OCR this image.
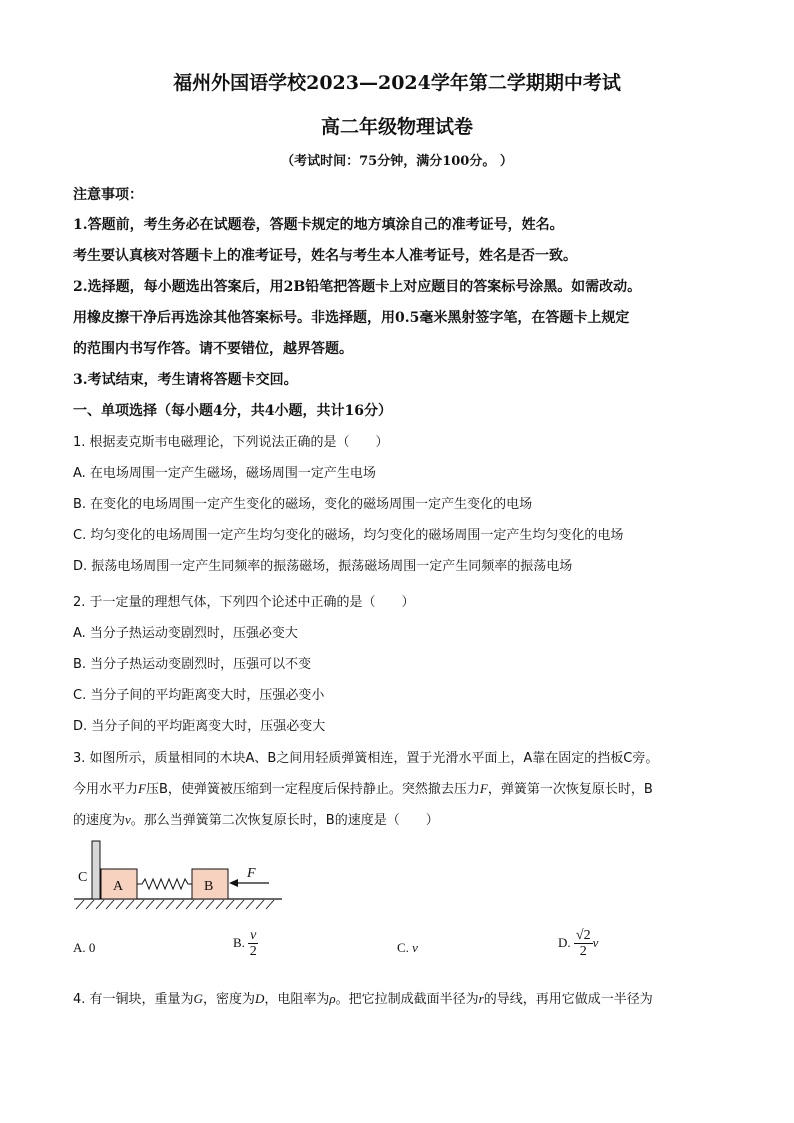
福州外国语学校2023—2024学年第二学期期中考试
高二年级物理试卷
（考试时间：75分钟，满分100分。 ）
注意事项：
1.答题前，考生务必在试题卷，答题卡规定的地方填涂自己的准考证号，姓名。
考生要认真核对答题卡上的准考证号，姓名与考生本人准考证号，姓名是否一致。
2.选择题，每小题选出答案后，用2B铅笔把答题卡上对应题目的答案标号涂黑。如需改动。
用橡皮擦干净后再选涂其他答案标号。非选择题，用0.5毫米黑射签字笔，在答题卡上规定
的范围内书写作答。请不要错位，越界答题。
3.考试结束，考生请将答题卡交回。
一、单项选择（每小题4分，共4小题，共计16分）
1. 根据麦克斯韦电磁理论，下列说法正确的是（　　）
A. 在电场周围一定产生磁场，磁场周围一定产生电场
B. 在变化的电场周围一定产生变化的磁场，变化的磁场周围一定产生变化的电场
C. 均匀变化的电场周围一定产生均匀变化的磁场，均匀变化的磁场周围一定产生均匀变化的电场
D. 振荡电场周围一定产生同频率的振荡磁场，振荡磁场周围一定产生同频率的振荡电场
2. 于一定量的理想气体，下列四个论述中正确的是（　　）
A. 当分子热运动变剧烈时，压强必变大
B. 当分子热运动变剧烈时，压强可以不变
C. 当分子间的平均距离变大时，压强必变小
D. 当分子间的平均距离变大时，压强必变大
3. 如图所示，质量相同的木块A、B之间用轻质弹簧相连，置于光滑水平面上，A靠在固定的挡板C旁。
今用水平力F压B，使弹簧被压缩到一定程度后保持静止。突然撤去压力F，弹簧第一次恢复原长时，B
的速度为v。那么当弹簧第二次恢复原长时，B的速度是（　　）
C
A	B
F
A. 0	B. $\frac{v}{2}$	C. v	D. $\frac{√2}{2}$ v
4. 有一铜块，重量为G，密度为D，电阻率为ρ。把它拉制成截面半径为r的导线，再用它做成一半径为
